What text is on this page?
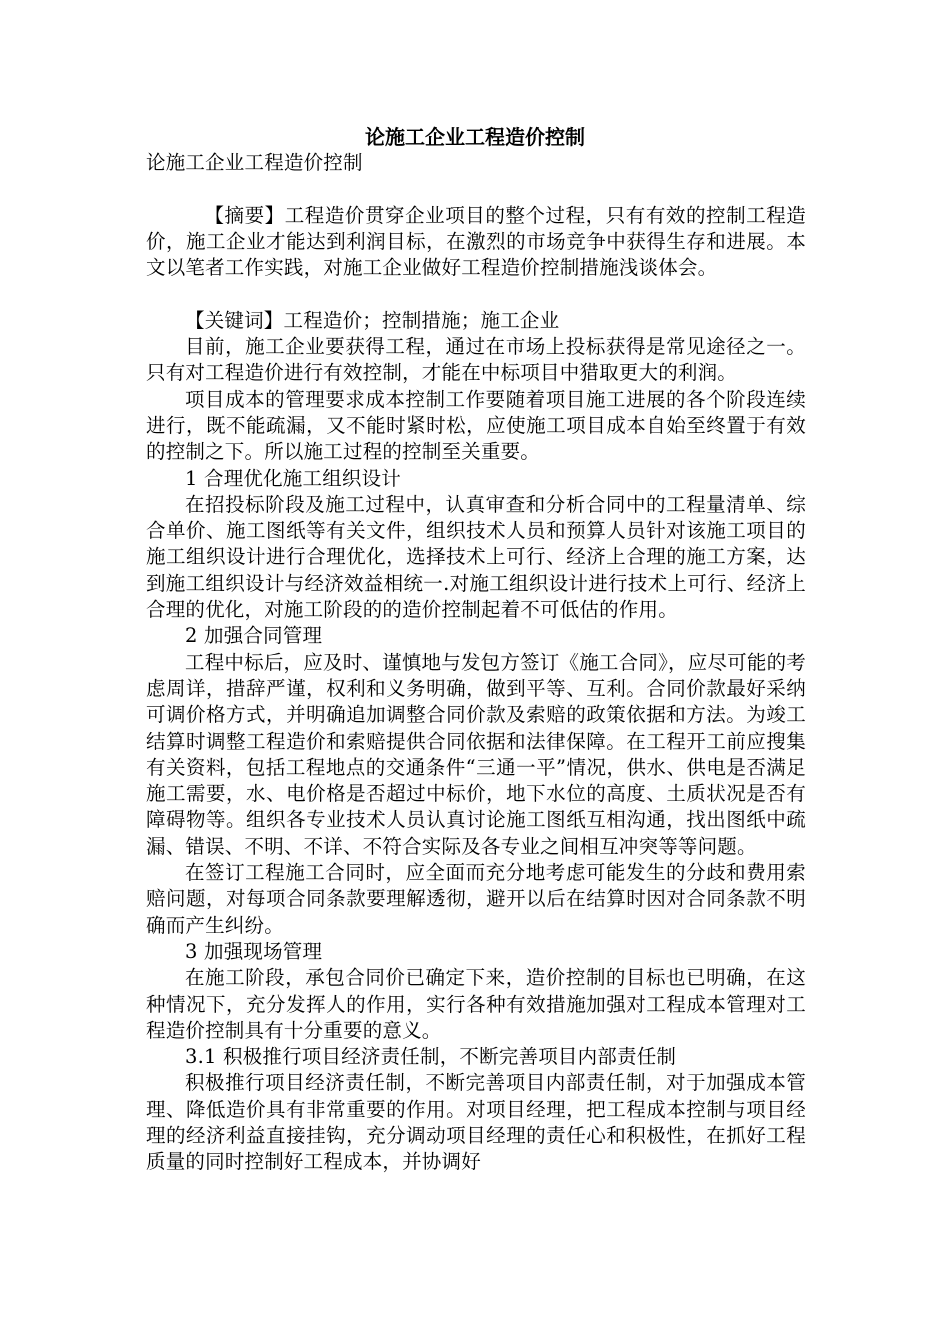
论施工企业工程造价控制

论施工企业工程造价控制

【摘要】工程造价贯穿企业项目的整个过程，只有有效的控制工程造价，施工企业才能达到利润目标，在激烈的市场竞争中获得生存和进展。本文以笔者工作实践，对施工企业做好工程造价控制措施浅谈体会。

【关键词】工程造价；控制措施；施工企业

目前，施工企业要获得工程，通过在市场上投标获得是常见途径之一。只有对工程造价进行有效控制，才能在中标项目中猎取更大的利润。

项目成本的管理要求成本控制工作要随着项目施工进展的各个阶段连续进行，既不能疏漏，又不能时紧时松，应使施工项目成本自始至终置于有效的控制之下。所以施工过程的控制至关重要。

1 合理优化施工组织设计

在招投标阶段及施工过程中，认真审查和分析合同中的工程量清单、综合单价、施工图纸等有关文件，组织技术人员和预算人员针对该施工项目的施工组织设计进行合理优化，选择技术上可行、经济上合理的施工方案，达到施工组织设计与经济效益相统一.对施工组织设计进行技术上可行、经济上合理的优化，对施工阶段的的造价控制起着不可低估的作用。

2 加强合同管理

工程中标后，应及时、谨慎地与发包方签订《施工合同》，应尽可能的考虑周详，措辞严谨，权利和义务明确，做到平等、互利。合同价款最好采纳可调价格方式，并明确追加调整合同价款及索赔的政策依据和方法。为竣工结算时调整工程造价和索赔提供合同依据和法律保障。在工程开工前应搜集有关资料，包括工程地点的交通条件“三通一平”情况，供水、供电是否满足施工需要，水、电价格是否超过中标价，地下水位的高度、土质状况是否有障碍物等。组织各专业技术人员认真讨论施工图纸互相沟通，找出图纸中疏漏、错误、不明、不详、不符合实际及各专业之间相互冲突等等问题。

在签订工程施工合同时，应全面而充分地考虑可能发生的分歧和费用索赔问题，对每项合同条款要理解透彻，避开以后在结算时因对合同条款不明确而产生纠纷。

3 加强现场管理

在施工阶段，承包合同价已确定下来，造价控制的目标也已明确，在这种情况下，充分发挥人的作用，实行各种有效措施加强对工程成本管理对工程造价控制具有十分重要的意义。

3.1 积极推行项目经济责任制，不断完善项目内部责任制

积极推行项目经济责任制，不断完善项目内部责任制，对于加强成本管理、降低造价具有非常重要的作用。对项目经理，把工程成本控制与项目经理的经济利益直接挂钩，充分调动项目经理的责任心和积极性，在抓好工程质量的同时控制好工程成本，并协调好
